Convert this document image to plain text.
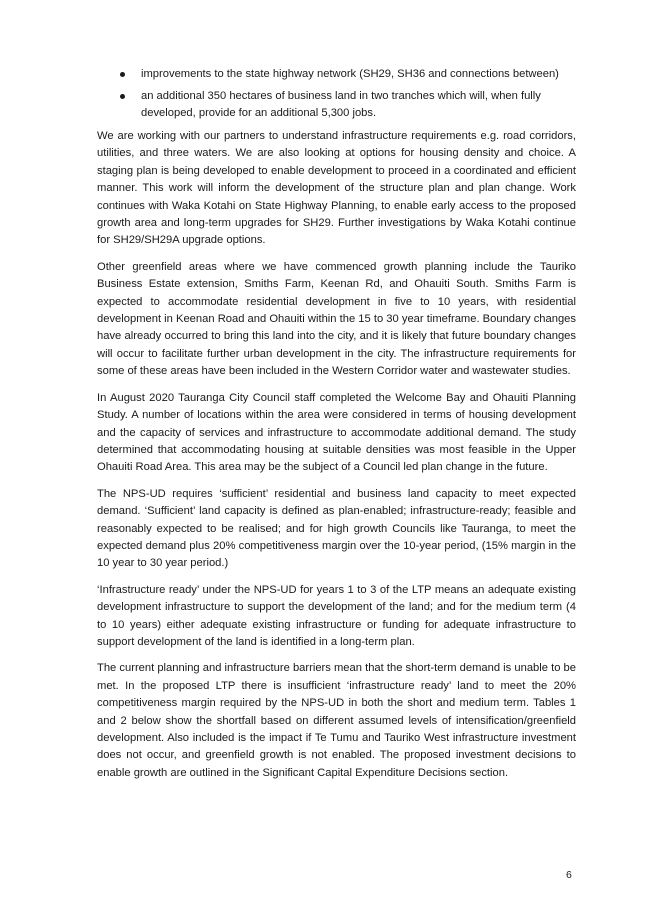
improvements to the state highway network (SH29, SH36 and connections between)
an additional 350 hectares of business land in two tranches which will, when fully developed, provide for an additional 5,300 jobs.

We are working with our partners to understand infrastructure requirements e.g. road corridors, utilities, and three waters. We are also looking at options for housing density and choice. A staging plan is being developed to enable development to proceed in a coordinated and efficient manner. This work will inform the development of the structure plan and plan change. Work continues with Waka Kotahi on State Highway Planning, to enable early access to the proposed growth area and long-term upgrades for SH29. Further investigations by Waka Kotahi continue for SH29/SH29A upgrade options.

Other greenfield areas where we have commenced growth planning include the Tauriko Business Estate extension, Smiths Farm, Keenan Rd, and Ohauiti South. Smiths Farm is expected to accommodate residential development in five to 10 years, with residential development in Keenan Road and Ohauiti within the 15 to 30 year timeframe. Boundary changes have already occurred to bring this land into the city, and it is likely that future boundary changes will occur to facilitate further urban development in the city. The infrastructure requirements for some of these areas have been included in the Western Corridor water and wastewater studies.

In August 2020 Tauranga City Council staff completed the Welcome Bay and Ohauiti Planning Study. A number of locations within the area were considered in terms of housing development and the capacity of services and infrastructure to accommodate additional demand. The study determined that accommodating housing at suitable densities was most feasible in the Upper Ohauiti Road Area. This area may be the subject of a Council led plan change in the future.

The NPS-UD requires ‘sufficient’ residential and business land capacity to meet expected demand. ‘Sufficient’ land capacity is defined as plan-enabled; infrastructure-ready; feasible and reasonably expected to be realised; and for high growth Councils like Tauranga, to meet the expected demand plus 20% competitiveness margin over the 10-year period, (15% margin in the 10 year to 30 year period.)

‘Infrastructure ready’ under the NPS-UD for years 1 to 3 of the LTP means an adequate existing development infrastructure to support the development of the land; and for the medium term (4 to 10 years) either adequate existing infrastructure or funding for adequate infrastructure to support development of the land is identified in a long-term plan.

The current planning and infrastructure barriers mean that the short-term demand is unable to be met. In the proposed LTP there is insufficient ‘infrastructure ready’ land to meet the 20% competitiveness margin required by the NPS-UD in both the short and medium term. Tables 1 and 2 below show the shortfall based on different assumed levels of intensification/greenfield development. Also included is the impact if Te Tumu and Tauriko West infrastructure investment does not occur, and greenfield growth is not enabled. The proposed investment decisions to enable growth are outlined in the Significant Capital Expenditure Decisions section.

6
